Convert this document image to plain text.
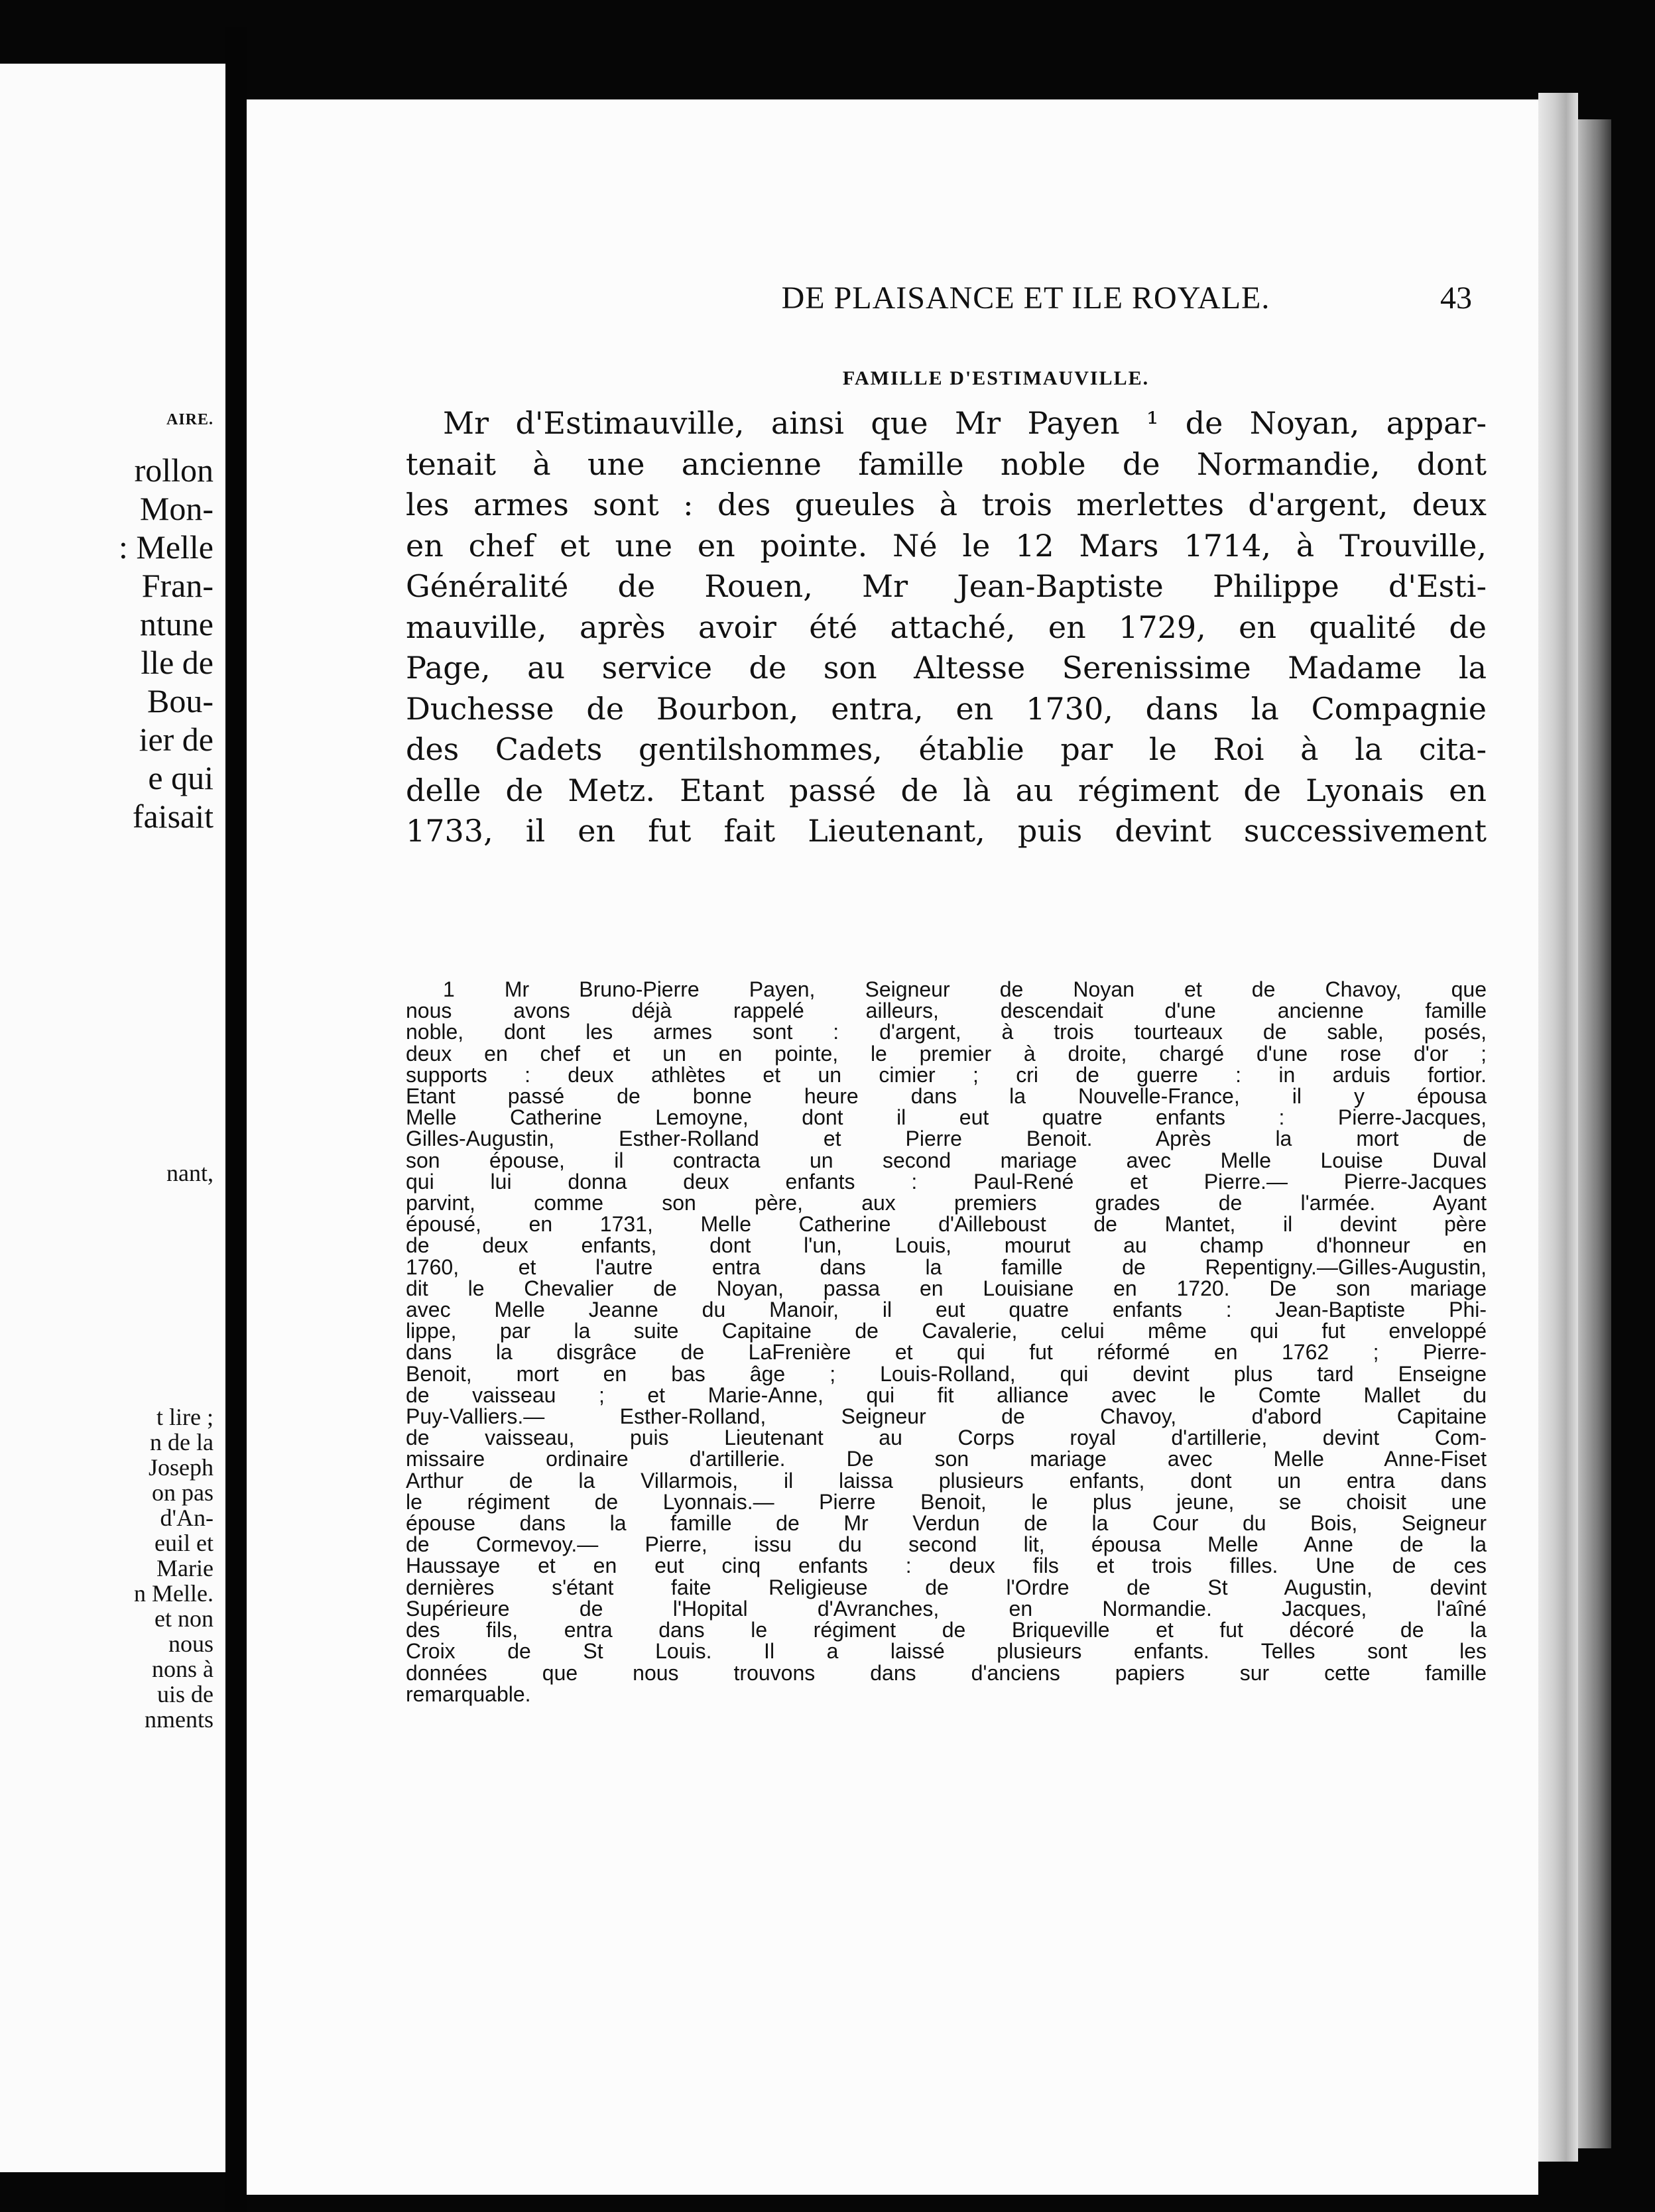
AIRE.
rollon
Mon-
: Melle
Fran-
ntune
lle de
Bou-
ier de
e qui
faisait
nant,
t lire ;
n de la
Joseph
on pas
d'An-
euil et
Marie
n Melle.
et non
nous
nons à
uis de
nments
DE PLAISANCE ET ILE ROYALE.	43
FAMILLE D'ESTIMAUVILLE.
Mr d'Estimauville, ainsi que Mr Payen ¹ de Noyan, appar-
tenait à une ancienne famille noble de Normandie, dont
les armes sont : des gueules à trois merlettes d'argent, deux
en chef et une en pointe. Né le 12 Mars 1714, à Trouville,
Généralité de Rouen, Mr Jean-Baptiste Philippe d'Esti-
mauville, après avoir été attaché, en 1729, en qualité de
Page, au service de son Altesse Serenissime Madame la
Duchesse de Bourbon, entra, en 1730, dans la Compagnie
des Cadets gentilshommes, établie par le Roi à la cita-
delle de Metz. Etant passé de là au régiment de Lyonais en
1733, il en fut fait Lieutenant, puis devint successivement
1 Mr Bruno-Pierre Payen, Seigneur de Noyan et de Chavoy, que
nous avons déjà rappelé ailleurs, descendait d'une ancienne famille
noble, dont les armes sont : d'argent, à trois tourteaux de sable, posés,
deux en chef et un en pointe, le premier à droite, chargé d'une rose d'or ;
supports : deux athlètes et un cimier ; cri de guerre : in arduis fortior.
Etant passé de bonne heure dans la Nouvelle-France, il y épousa
Melle Catherine Lemoyne, dont il eut quatre enfants : Pierre-Jacques,
Gilles-Augustin, Esther-Rolland et Pierre Benoit. Après la mort de
son épouse, il contracta un second mariage avec Melle Louise Duval
qui lui donna deux enfants : Paul-René et Pierre.— Pierre-Jacques
parvint, comme son père, aux premiers grades de l'armée. Ayant
épousé, en 1731, Melle Catherine d'Ailleboust de Mantet, il devint père
de deux enfants, dont l'un, Louis, mourut au champ d'honneur en
1760, et l'autre entra dans la famille de Repentigny.—Gilles-Augustin,
dit le Chevalier de Noyan, passa en Louisiane en 1720. De son mariage
avec Melle Jeanne du Manoir, il eut quatre enfants : Jean-Baptiste Phi-
lippe, par la suite Capitaine de Cavalerie, celui même qui fut enveloppé
dans la disgrâce de LaFrenière et qui fut réformé en 1762 ; Pierre-
Benoit, mort en bas âge ; Louis-Rolland, qui devint plus tard Enseigne
de vaisseau ; et Marie-Anne, qui fit alliance avec le Comte Mallet du
Puy-Valliers.— Esther-Rolland, Seigneur de Chavoy, d'abord Capitaine
de vaisseau, puis Lieutenant au Corps royal d'artillerie, devint Com-
missaire ordinaire d'artillerie. De son mariage avec Melle Anne-Fiset
Arthur de la Villarmois, il laissa plusieurs enfants, dont un entra dans
le régiment de Lyonnais.— Pierre Benoit, le plus jeune, se choisit une
épouse dans la famille de Mr Verdun de la Cour du Bois, Seigneur
de Cormevoy.— Pierre, issu du second lit, épousa Melle Anne de la
Haussaye et en eut cinq enfants : deux fils et trois filles. Une de ces
dernières s'étant faite Religieuse de l'Ordre de St Augustin, devint
Supérieure de l'Hopital d'Avranches, en Normandie. Jacques, l'aîné
des fils, entra dans le régiment de Briqueville et fut décoré de la
Croix de St Louis. Il a laissé plusieurs enfants. Telles sont les
données que nous trouvons dans d'anciens papiers sur cette famille
remarquable.
